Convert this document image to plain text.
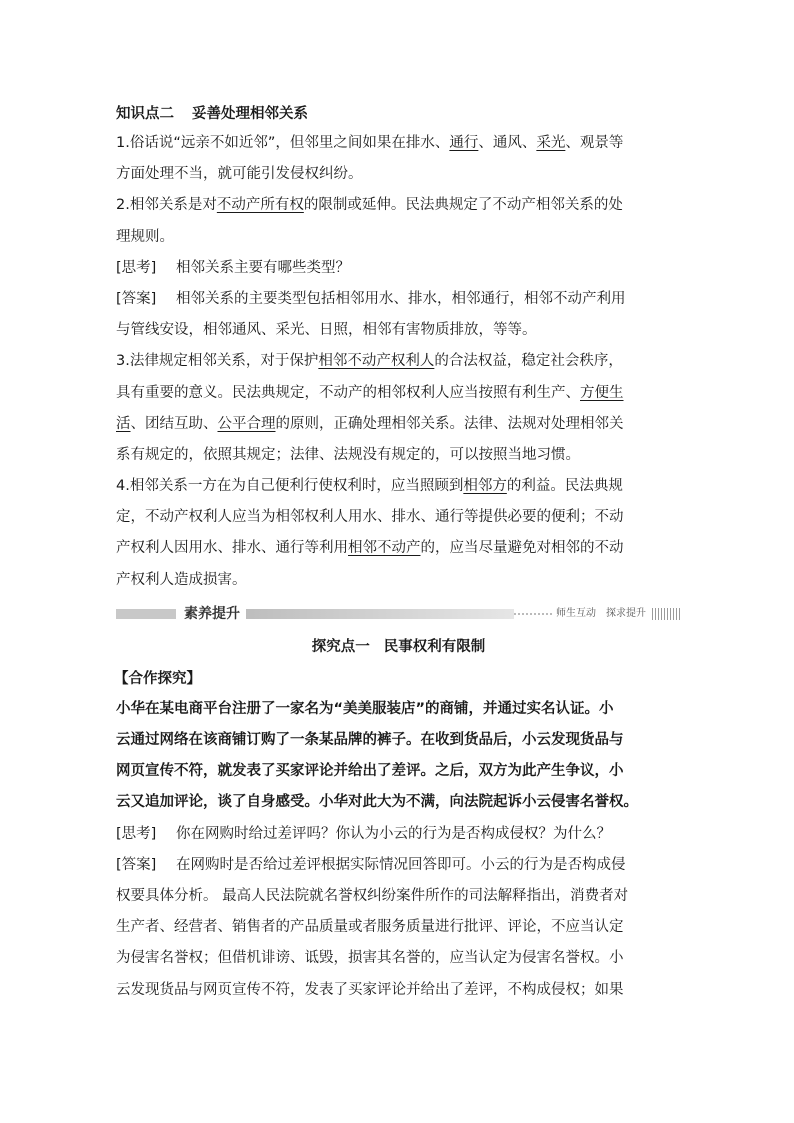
知识点二 妥善处理相邻关系
1.俗话说“远亲不如近邻”，但邻里之间如果在排水、通行、通风、采光、观景等
方面处理不当，就可能引发侵权纠纷。
2.相邻关系是对不动产所有权的限制或延伸。民法典规定了不动产相邻关系的处
理规则。
[思考] 相邻关系主要有哪些类型？
[答案] 相邻关系的主要类型包括相邻用水、排水，相邻通行，相邻不动产利用
与管线安设，相邻通风、采光、日照，相邻有害物质排放，等等。
3.法律规定相邻关系，对于保护相邻不动产权利人的合法权益，稳定社会秩序，
具有重要的意义。民法典规定，不动产的相邻权利人应当按照有利生产、方便生
活、团结互助、公平合理的原则，正确处理相邻关系。法律、法规对处理相邻关
系有规定的，依照其规定；法律、法规没有规定的，可以按照当地习惯。
4.相邻关系一方在为自己便利行使权利时，应当照顾到相邻方的利益。民法典规
定，不动产权利人应当为相邻权利人用水、排水、通行等提供必要的便利；不动
产权利人因用水、排水、通行等利用相邻不动产的，应当尽量避免对相邻的不动
产权利人造成损害。
素养提升	师生互动　探求提升
探究点一 民事权利有限制
【合作探究】
小华在某电商平台注册了一家名为“美美服装店”的商铺，并通过实名认证。小
云通过网络在该商铺订购了一条某品牌的裤子。在收到货品后，小云发现货品与
网页宣传不符，就发表了买家评论并给出了差评。之后，双方为此产生争议，小
云又追加评论，谈了自身感受。小华对此大为不满，向法院起诉小云侵害名誉权。
[思考] 你在网购时给过差评吗？你认为小云的行为是否构成侵权？为什么？
[答案] 在网购时是否给过差评根据实际情况回答即可。小云的行为是否构成侵
权要具体分析。 最高人民法院就名誉权纠纷案件所作的司法解释指出，消费者对
生产者、经营者、销售者的产品质量或者服务质量进行批评、评论，不应当认定
为侵害名誉权；但借机诽谤、诋毁，损害其名誉的，应当认定为侵害名誉权。小
云发现货品与网页宣传不符，发表了买家评论并给出了差评，不构成侵权；如果
